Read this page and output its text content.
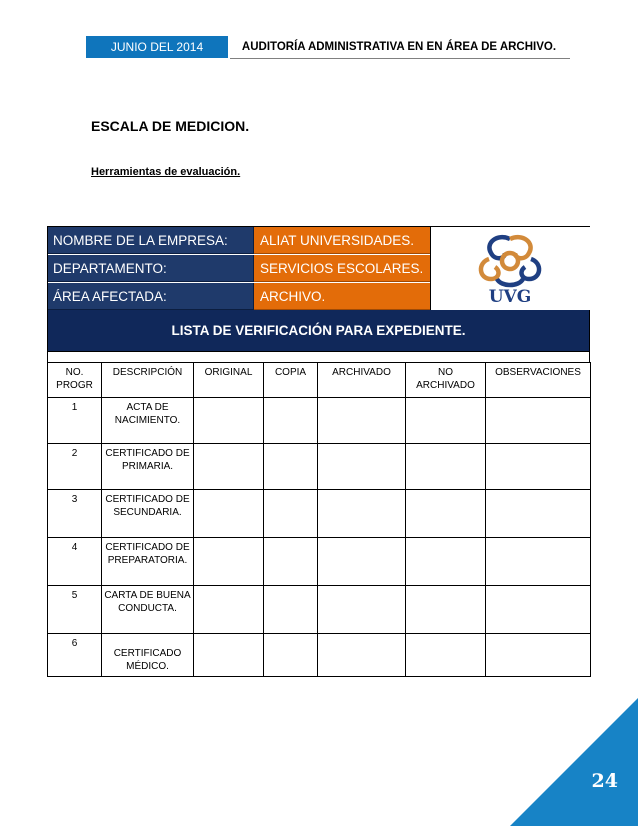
JUNIO DEL 2014	AUDITORÍA ADMINISTRATIVA EN EN ÁREA DE ARCHIVO.
ESCALA DE MEDICION.
Herramientas de evaluación.
NOMBRE DE LA EMPRESA:	ALIAT UNIVERSIDADES.
DEPARTAMENTO:	SERVICIOS ESCOLARES.
ÁREA AFECTADA:	ARCHIVO.	UVG
LISTA DE VERIFICACIÓN PARA EXPEDIENTE.
NO. PROGR	DESCRIPCIÓN	ORIGINAL	COPIA	ARCHIVADO	NO ARCHIVADO	OBSERVACIONES
1	ACTA DE NACIMIENTO.					
2	CERTIFICADO DE PRIMARIA.					
3	CERTIFICADO DE SECUNDARIA.					
4	CERTIFICADO DE PREPARATORIA.					
5	CARTA DE BUENA CONDUCTA.					
6	CERTIFICADO MÉDICO.					
24
